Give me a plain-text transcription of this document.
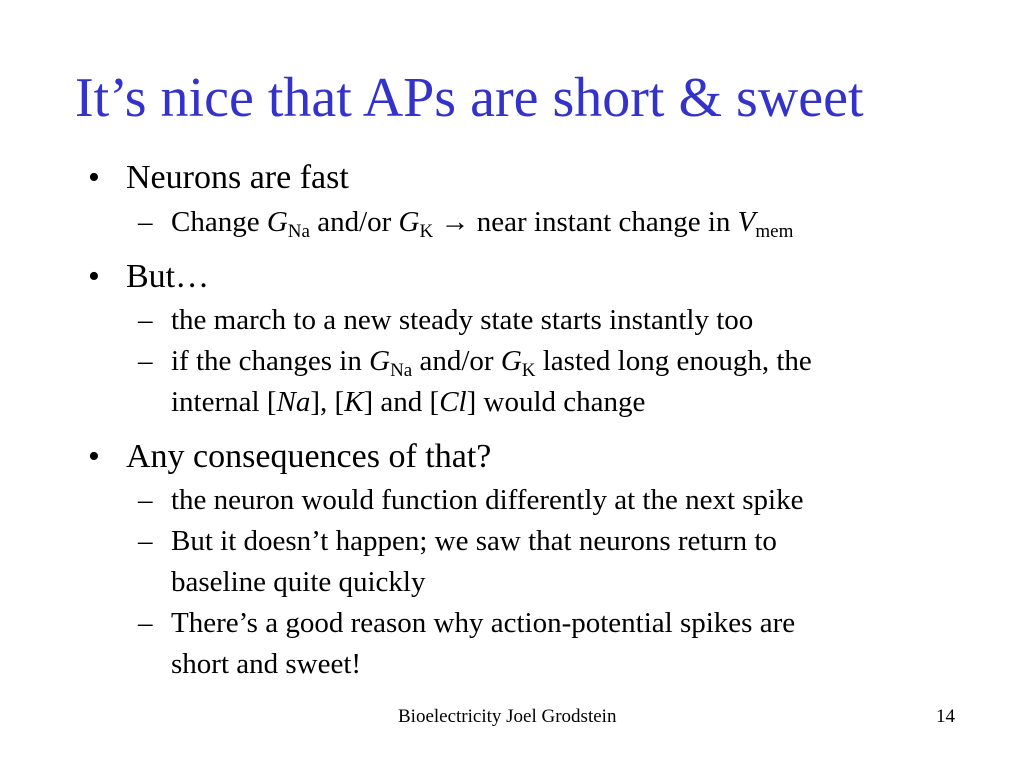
It’s nice that APs are short & sweet
• Neurons are fast
– Change $G_{Na}$ and/or $G_K$ → near instant change in $V_{mem}$
• But…
– the march to a new steady state starts instantly too
– if the changes in $G_{Na}$ and/or $G_K$ lasted long enough, the
internal [Na], [K] and [Cl] would change
• Any consequences of that?
– the neuron would function differently at the next spike
– But it doesn’t happen; we saw that neurons return to
baseline quite quickly
– There’s a good reason why action-potential spikes are
short and sweet!
Bioelectricity Joel Grodstein	14
